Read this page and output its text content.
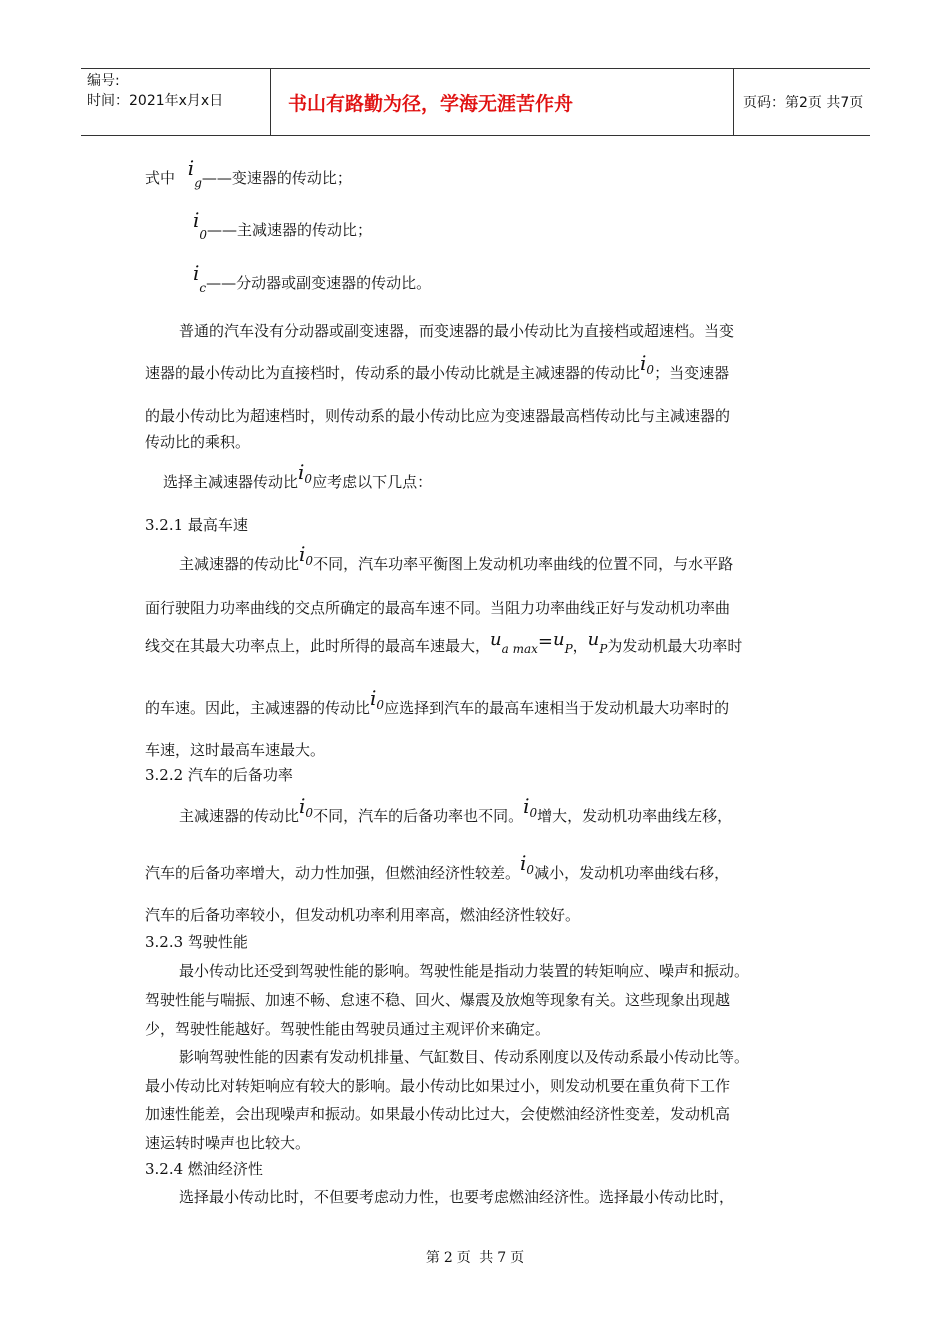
编号:
时间：2021年x月x日	书山有路勤为径，学海无涯苦作舟	页码：第2页 共7页
式中 $i_g——$变速器的传动比；
$i_0——$主减速器的传动比；
$i_c——$分动器或副变速器的传动比。
普通的汽车没有分动器或副变速器，而变速器的最小传动比为直接档或超速档。当变
速器的最小传动比为直接档时，传动系的最小传动比就是主减速器的传动比$i^0$；当变速器
的最小传动比为超速档时，则传动系的最小传动比应为变速器最高档传动比与主减速器的
传动比的乘积。
选择主减速器传动比$i^0$应考虑以下几点：
3.2.1 最高车速
主减速器的传动比$i^0$不同，汽车功率平衡图上发动机功率曲线的位置不同，与水平路
面行驶阻力功率曲线的交点所确定的最高车速不同。当阻力功率曲线正好与发动机功率曲
线交在其最大功率点上，此时所得的最高车速最大，ua max=uP，uP为发动机最大功率时
的车速。因此，主减速器的传动比$i^0$应选择到汽车的最高车速相当于发动机最大功率时的
车速，这时最高车速最大。
3.2.2 汽车的后备功率
主减速器的传动比$i^0$不同，汽车的后备功率也不同。$i^0$增大，发动机功率曲线左移，
汽车的后备功率增大，动力性加强，但燃油经济性较差。$i^0$减小，发动机功率曲线右移，
汽车的后备功率较小，但发动机功率利用率高，燃油经济性较好。
3.2.3 驾驶性能
最小传动比还受到驾驶性能的影响。驾驶性能是指动力装置的转矩响应、噪声和振动。
驾驶性能与喘振、加速不畅、怠速不稳、回火、爆震及放炮等现象有关。这些现象出现越
少，驾驶性能越好。驾驶性能由驾驶员通过主观评价来确定。
影响驾驶性能的因素有发动机排量、气缸数目、传动系刚度以及传动系最小传动比等。
最小传动比对转矩响应有较大的影响。最小传动比如果过小，则发动机要在重负荷下工作
加速性能差，会出现噪声和振动。如果最小传动比过大，会使燃油经济性变差，发动机高
速运转时噪声也比较大。
3.2.4 燃油经济性
选择最小传动比时，不但要考虑动力性，也要考虑燃油经济性。选择最小传动比时，
第 2 页 共 7 页
